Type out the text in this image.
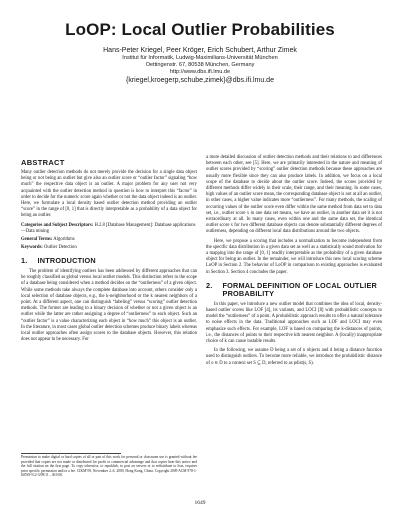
LoOP: Local Outlier Probabilities
Hans-Peter Kriegel, Peer Kröger, Erich Schubert, Arthur Zimek
Institut für Informatik, Ludwig-Maximilians-Universität München
Oettingenstr. 67, 80538 München, Germany
http://www.dbs.ifi.lmu.de
{kriegel,kroegerp,schube,zimek}@dbs.ifi.lmu.de
ABSTRACT

Many outlier detection methods do not merely provide the decision for a single data object being or not being an outlier but give also an outlier score or “outlier factor” signaling “how much” the respective data object is an outlier. A major problem for any user not very acquainted with the outlier detection method in question is how to interpret this “factor” in order to decide for the numeric score again whether or not the data object indeed is an outlier. Here, we formulate a local density based outlier detection method providing an outlier “score” in the range of [0, 1] that is directly interpretable as a probability of a data object for being an outlier.

Categories and Subject Descriptors: H.2.8 [Database Management]: Database applications—Data mining

General Terms: Algorithms

Keywords: Outlier Detection

1. INTRODUCTION

The problem of identifying outliers has been addressed by different approaches that can be roughly classified as global versus local outlier models. This distinction refers to the scope of a database being considered when a method decides on the “outlierness” of a given object. While some methods take always the complete database into account, others consider only a local selection of database objects, e.g., the k-neighborhood or the k nearest neighbors of a point. At a different aspect, one can distinguish “labeling” versus “scoring” outlier detection methods. The former are leading to a binary decision of whether or not a given object is an outlier while the latter are rather assigning a degree of “outlierness” to each object. Such an “outlier factor” is a value characterizing each object in “how much” this object is an outlier. In the literature, in most cases global outlier detection schemes produce binary labels whereas local outlier approaches often assign scores to the database objects. However, this relation does not appear to be necessary. For

Permission to make digital or hard copies of all or part of this work for personal or classroom use is granted without fee provided that copies are not made or distributed for profit or commercial advantage and that copies bear this notice and the full citation on the first page. To copy otherwise, to republish, to post on servers or to redistribute to lists, requires prior specific permission and/or a fee. CIKM’09, November 2–6, 2009, Hong Kong, China. Copyright 2009 ACM 978-1-60558-512-3/09/11 ...$10.00.

a more detailed discussion of outlier detection methods and their relations to and differences between each other, see [5]. Here, we are primarily interested in the nature and meaning of outlier scores provided by “scoring” outlier detection methods because these approaches are usually more flexible since they can also produce labels. In addition, we focus on a local scope of the database to decide about the outlier score. Indeed, the scores provided by different methods differ widely in their scale, their range, and their meaning. In some cases, high values of an outlier score mean, the corresponding database object is not at all an outlier, in other cases, a higher value indicates more “outlierness”. For many methods, the scaling of occurring values of the outlier score even differ within the same method from data set to data set, i.e., outlier score x in one data set means, we have an outlier, in another data set it is not extraordinary at all. In many cases, even within one and the same data set, the identical outlier score x for two different database objects can denote substantially different degrees of outlierness, depending on different local data distributions around the two objects.

Here, we propose a scoring that includes a normalization to become independent from the specific data distribution in a given data set as well as a statistically sound motivation for a mapping into the range of [0, 1] readily interpretable as the probability of a given database object for being an outlier. In the remainder, we will introduce this new local scoring scheme LoOP in Section 2. The behavior of LoOP in comparison to existing approaches is evaluated in Section 3. Section 4 concludes the paper.

2. FORMAL DEFINITION OF LOCAL OUTLIER PROBABILITY

In this paper, we introduce a new outlier model that combines the idea of local, density-based outlier scores like LOF [4], its variants, and LOCI [8] with probabilistic concepts to model the “outlierness” of a point. A probabilistic approach results to offer a natural tolerance to noise effects in the data. Traditional approaches such as LOF and LOCI may even emphasize such effects. For example, LOF is based on comparing the k-distances of points, i.e., the distances of points to their respective kth nearest neighbor. A (locally) inappropriate choice of k can cause instable results.

In the following, we assume D being a set of n objects and d being a distance function used to distinguish outliers. To become more reliable, we introduce the probabilistic distance of o ∈ D to a context set S ⊆ D, referred to as pdist(s, S).

1649
